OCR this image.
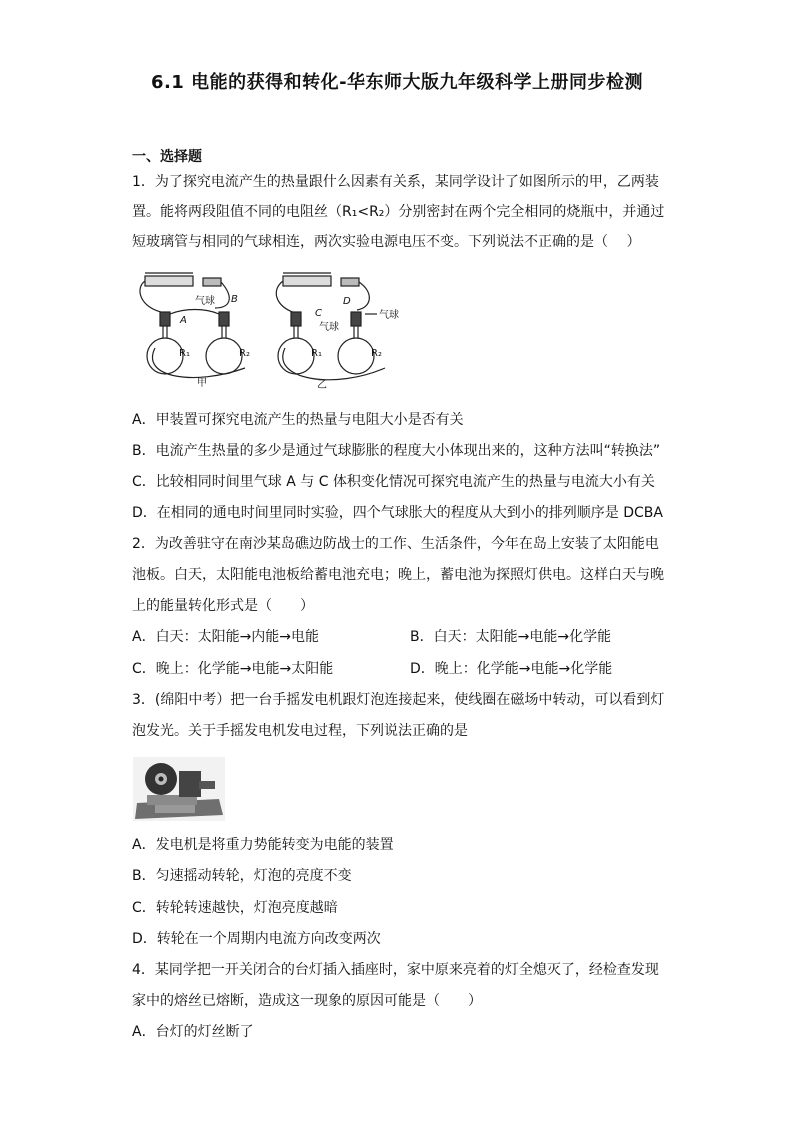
6.1 电能的获得和转化-华东师大版九年级科学上册同步检测
一、选择题
1．为了探究电流产生的热量跟什么因素有关系，某同学设计了如图所示的甲，乙两装
置。能将两段阻值不同的电阻丝（R₁<R₂）分别密封在两个完全相同的烧瓶中，并通过
短玻璃管与相同的气球相连，两次实验电源电压不变。下列说法不正确的是（　 ）
气球
A
B
R₁	R₂
甲
C
气球
D
气球
R₁	R₂
乙
A．甲装置可探究电流产生的热量与电阻大小是否有关
B．电流产生热量的多少是通过气球膨胀的程度大小体现出来的，这种方法叫“转换法”
C．比较相同时间里气球 A 与 C 体积变化情况可探究电流产生的热量与电流大小有关
D．在相同的通电时间里同时实验，四个气球胀大的程度从大到小的排列顺序是 DCBA
2．为改善驻守在南沙某岛礁边防战士的工作、生活条件，今年在岛上安装了太阳能电
池板。白天，太阳能电池板给蓄电池充电；晚上，蓄电池为探照灯供电。这样白天与晚
上的能量转化形式是（　　）
A．白天：太阳能→内能→电能	B．白天：太阳能→电能→化学能
C．晚上：化学能→电能→太阳能	D．晚上：化学能→电能→化学能
3．(绵阳中考）把一台手摇发电机跟灯泡连接起来，使线圈在磁场中转动，可以看到灯
泡发光。关于手摇发电机发电过程，下列说法正确的是
A．发电机是将重力势能转变为电能的装置
B．匀速摇动转轮，灯泡的亮度不变
C．转轮转速越快，灯泡亮度越暗
D．转轮在一个周期内电流方向改变两次
4．某同学把一开关闭合的台灯插入插座时，家中原来亮着的灯全熄灭了，经检查发现
家中的熔丝已熔断，造成这一现象的原因可能是（　　）
A．台灯的灯丝断了
